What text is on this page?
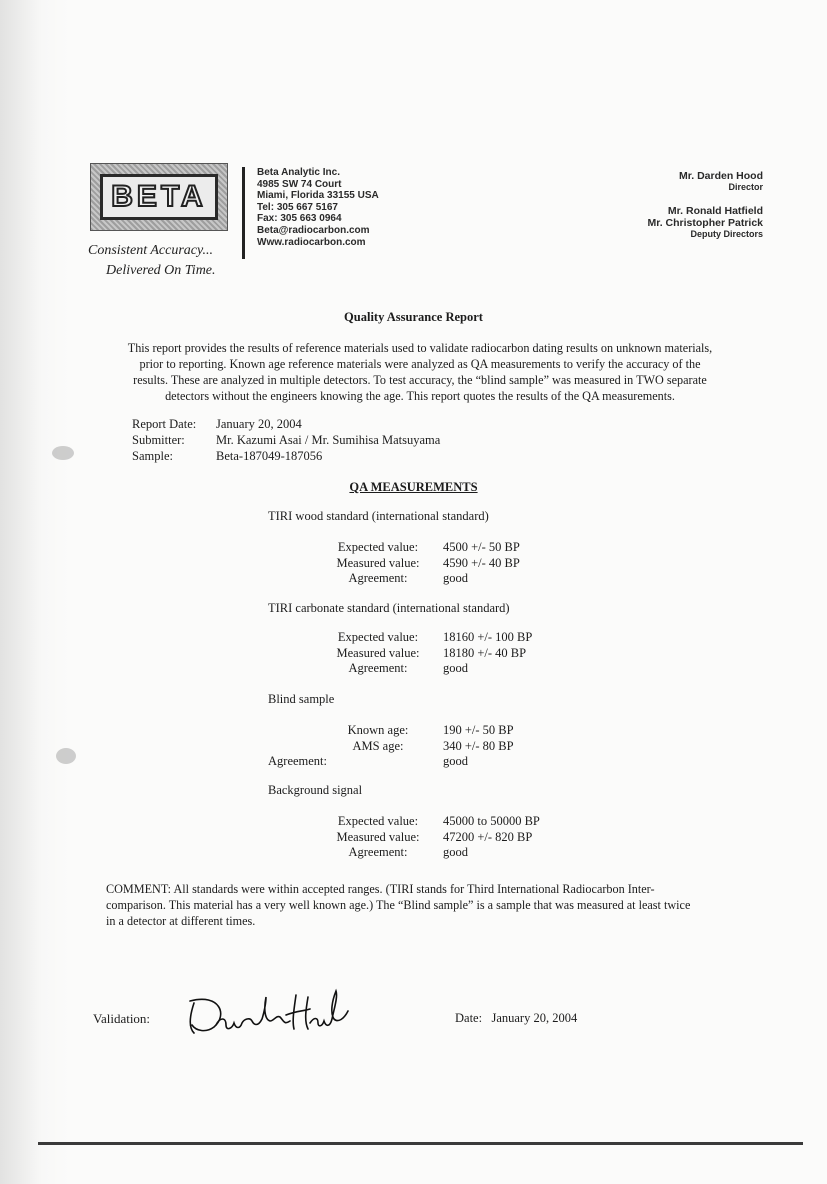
BETA
Consistent Accuracy...
Delivered On Time.
Beta Analytic Inc.
4985 SW 74 Court
Miami, Florida 33155 USA
Tel: 305 667 5167
Fax: 305 663 0964
Beta@radiocarbon.com
Www.radiocarbon.com
Mr. Darden Hood
Director
Mr. Ronald Hatfield
Mr. Christopher Patrick
Deputy Directors
Quality Assurance Report
This report provides the results of reference materials used to validate radiocarbon dating results on unknown materials,
prior to reporting. Known age reference materials were analyzed as QA measurements to verify the accuracy of the
results. These are analyzed in multiple detectors. To test accuracy, the “blind sample” was measured in TWO separate
detectors without the engineers knowing the age. This report quotes the results of the QA measurements.
Report Date:	January 20, 2004
Submitter:	Mr. Kazumi Asai / Mr. Sumihisa Matsuyama
Sample:	Beta-187049-187056
QA MEASUREMENTS
TIRI wood standard (international standard)
Expected value:	4500 +/- 50 BP
Measured value:	4590 +/- 40 BP
Agreement:	good
TIRI carbonate standard (international standard)
Expected value:	18160 +/- 100 BP
Measured value:	18180 +/- 40 BP
Agreement:	good
Blind sample
Known age:	190 +/- 50 BP
AMS age:	340 +/- 80 BP
Agreement:	good
Background signal
Expected value:	45000 to 50000 BP
Measured value:	47200 +/- 820 BP
Agreement:	good
COMMENT: All standards were within accepted ranges. (TIRI stands for Third International Radiocarbon Inter-
comparison. This material has a very well known age.) The “Blind sample” is a sample that was measured at least twice
in a detector at different times.
Validation:	Date: January 20, 2004
